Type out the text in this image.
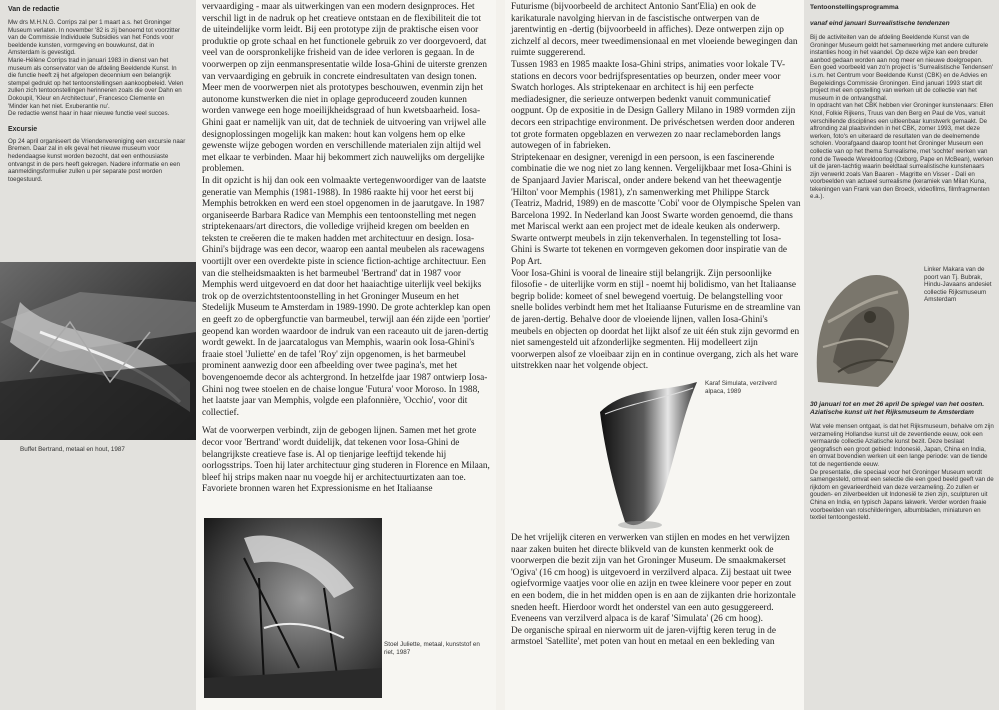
Van de redactie

Mw drs M.H.N.G. Corrips zal per 1 maart a.s. het Groninger Museum verlaten. In november '82 is zij benoemd tot voorzitter van de Commissie Individuele Subsidies van het Fonds voor beeldende kunsten, vormgeving en bouwkunst, dat in Amsterdam is gevestigd.

Marie-Hélène Corrips trad in januari 1983 in dienst van het museum als conservator van de afdeling Beeldende Kunst. In die functie heeft zij het afgelopen decennium een belangrijk stempel gedrukt op het tentoonstellingsen aankoopbeleid. Velen zullen zich tentoonstellingen herinneren zoals die over Dahn en Dokoupil, 'Kleur en Architectuur', Francesco Clemente en 'Minder kan het niet. Exuberantie nu'.

De redactie wenst haar in haar nieuwe functie veel succes.

Excursie

Op 24 april organiseert de Vriendenvereniging een excursie naar Bremen. Daar zal in elk geval het nieuwe museum voor hedendaagse kunst worden bezocht, dat een enthousiaste ontvangst in de pers heeft gekregen. Nadere informatie en een aanmeldingsformulier zullen u per separate post worden toegestuurd.

Buffet Bertrand, metaal en hout, 1987

vervaardiging - maar als uitwerkingen van een modern designproces. Het verschil ligt in de nadruk op het creatieve ontstaan en de flexibiliteit die tot de uiteindelijke vorm leidt. Bij een prototype zijn de praktische eisen voor produktie op grote schaal en het functionele gebruik zo ver doorgevoerd, dat veel van de oorspronkelijke frisheid van de idee verloren is gegaan. In de voorwerpen op zijn eenmanspresentatie wilde Iosa-Ghini de uiterste grenzen van vervaardiging en gebruik in concrete eindresultaten van design tonen. Meer men de voorwerpen niet als prototypes beschouwen, evenmin zijn het autonome kunstwerken die niet in oplage geproduceerd zouden kunnen worden vanwege een hoge moeilijkheidsgraad of hun kwetsbaarheid. Iosa-Ghini gaat er namelijk van uit, dat de techniek de uitvoering van vrijwel alle designoplossingen mogelijk kan maken: hout kan volgens hem op elke gewenste wijze gebogen worden en verschillende materialen zijn altijd wel met elkaar te verbinden. Maar hij bekommert zich nauwelijks om dergelijke problemen.

In dit opzicht is hij dan ook een volmaakte vertegenwoordiger van de laatste generatie van Memphis (1981-1988). In 1986 raakte hij voor het eerst bij Memphis betrokken en werd een stoel opgenomen in de jaarutgave. In 1987 organiseerde Barbara Radice van Memphis een tentoonstelling met negen striptekenaars/art directors, die volledige vrijheid kregen om beelden en teksten te creëeren die te maken hadden met architectuur en design. Iosa-Ghini's bijdrage was een decor, waarop een aantal meubelen als racewagens voortijlt over een overdekte piste in science fiction-achtige architectuur. Een van die stelheidsmaakten is het barmeubel 'Bertrand' dat in 1987 voor Memphis werd uitgevoerd en dat door het haaiachtige uiterlijk veel bekijks trok op de overzichtstentoonstelling in het Groninger Museum en het Stedelijk Museum te Amsterdam in 1989-1990. De grote achterklep kan open en geeft zo de opbergfunctie van barmeubel, terwijl aan één zijde een 'portier' geopend kan worden waardoor de indruk van een raceauto uit de jaren-dertig wordt gewekt. In de jaarcatalogus van Memphis, waarin ook Iosa-Ghini's fraaie stoel 'Juliette' en de tafel 'Roy' zijn opgenomen, is het barmeubel prominent aanwezig door een afbeelding over twee pagina's, met het bovengenoemde decor als achtergrond. In hetzelfde jaar 1987 ontwierp Iosa-Ghini nog twee stoelen en de chaise longue 'Futura' voor Moroso. In 1988, het laatste jaar van Memphis, volgde een plafonnière, 'Occhio', voor dit collectief.

Wat de voorwerpen verbindt, zijn de gebogen lijnen. Samen met het grote decor voor 'Bertrand' wordt duidelijk, dat tekenen voor Iosa-Ghini de belangrijkste creatieve fase is. Al op tienjarige leeftijd tekende hij oorlogsstrips. Toen hij later architectuur ging studeren in Florence en Milaan, bleef hij strips maken naar nu voegde hij er architectuurtizaten aan toe. Favoriete bronnen waren het Expressionisme en het Italiaanse

Stoel Juliette, metaal, kunststof en riet, 1987

Futurisme (bijvoorbeeld de architect Antonio Sant'Elia) en ook de karikaturale navolging hiervan in de fascistische ontwerpen van de jarentwintig en -dertig (bijvoorbeeld in affiches). Deze ontwerpen zijn op zichzelf al decors, meer tweedimensionaal en met vloeiende bewegingen dan ruimte suggererend.

Tussen 1983 en 1985 maakte Iosa-Ghini strips, animaties voor lokale TV-stations en decors voor bedrijfspresentaties op beurzen, onder meer voor Swatch horloges. Als striptekenaar en architect is hij een perfecte mediadesigner, die serieuze ontwerpen bedenkt vanuit communicatief oogpunt. Op de expositie in de Design Gallery Milano in 1989 vormden zijn decors een stripachtige environment. De privéschetsen werden door anderen tot grote formaten opgeblazen en verwezen zo naar reclameborden langs autowegen of in fabrieken.

Striptekenaar en designer, verenigd in een persoon, is een fascinerende combinatie die we nog niet zo lang kennen. Vergelijkbaar met Iosa-Ghini is de Spanjaard Javier Mariscal, onder andere bekend van het theewagentje 'Hilton' voor Memphis (1981), z'n samenwerking met Philippe Starck (Teatriz, Madrid, 1989) en de mascotte 'Cobi' voor de Olympische Spelen van Barcelona 1992. In Nederland kan Joost Swarte worden genoemd, die thans met Mariscal werkt aan een project met de ideale keuken als onderwerp. Swarte ontwerpt meubels in zijn tekenverhalen. In tegenstelling tot Iosa-Ghini is Swarte tot tekenen en vormgeven gekomen door inspiratie van de Pop Art.

Voor Iosa-Ghini is vooral de lineaire stijl belangrijk. Zijn persoonlijke filosofie - de uiterlijke vorm en stijl - noemt hij bolidismo, van het Italiaanse begrip bolide: komeet of snel bewegend voertuig. De belangstelling voor snelle bolides verbindt hem met het Italiaanse Futurisme en de streamline van de jaren-dertig. Behalve door de vloeiende lijnen, vallen Iosa-Ghini's meubels en objecten op doordat het lijkt alsof ze uit één stuk zijn gevormd en niet samengesteld uit afzonderlijke segmenten. Hij modelleert zijn voorwerpen alsof ze vloeibaar zijn en in continue overgang, zich als het ware uitstrekken naar het volgende object.

Karaf Simulata, verzilverd alpaca, 1989

De het vrijelijk citeren en verwerken van stijlen en modes en het verwijzen naar zaken buiten het directe blikveld van de kunsten kenmerkt ook de voorwerpen die bezit zijn van het Groninger Museum. De smaakmakerset 'Ogiva' (16 cm hoog) is uitgevoerd in verzilverd alpaca. Zij bestaat uit twee ogiefvormige vaatjes voor olie en azijn en twee kleinere voor peper en zout en een bodem, die in het midden open is en aan de zijkanten drie horizontale sneden heeft. Hierdoor wordt het onderstel van een auto gesuggereerd. Eveneens van verzilverd alpaca is de karaf 'Simulata' (26 cm hoog).

De organische spiraal en nierworm uit de jaren-vijftig keren terug in de armstoel 'Satellite', met poten van hout en metaal en een bekleding van

Tentoonstellingsprogramma
vanaf eind januari Surrealistische tendenzen

Bij de activiteiten van de afdeling Beeldende Kunst van de Groninger Museum geldt het samenwerking met andere culturele instanties hoog in het vaandel. Op deze wijze kan een breder aanbod gedaan worden aan nog meer en nieuwe doelgroepen. Een goed voorbeeld van zo'n project is 'Surrealistische Tendensen' i.s.m. het Centrum voor Beeldende Kunst (CBK) en de Advies en Begeleidings Commissie Groningen. Eind januari 1993 start dit project met een opstelling van werken uit de collectie van het museum in de ontvangsthal.

In opdracht van het CBK hebben vier Groninger kunstenaars: Ellen Knol, Folkie Rijkens, Truus van den Berg en Paul de Vos, vanuit verschillende disciplines een uitleenbaar kunstwerk gemaakt. De aftronding zal plaatsvinden in het CBK, zomer 1993, met deze werken, foto's en uiteraard de resultaten van de deelnemende scholen. Voorafgaand daarop toont het Groninger Museum een collectie van op het thema Surrealisme, met 'sochtel' werken van rond de Tweede Wereldoorlog (Oxborg, Pape en McBean), werken uit de jaren-tachtig waarin beeldtaal surrealistische kunstenaars zijn verwerkt zoals Van Baaren - Magritte en Visser - Dalí en voorbeelden van actueel surrealisme (keramiek van Milan Kuna, tekeningen van Frank van den Broeck, videofilms, filmfragmenten e.a.).

Linker Makara van de poort van Tj. Bubrak, Hindu-Javaans andesiet collectie Rijksmuseum Amsterdam
30 januari tot en met 26 april De spiegel van het oosten. Aziatische kunst uit het Rijksmuseum te Amsterdam

Wat vele mensen ontgaat, is dat het Rijksmuseum, behalve om zijn verzameling Hollandse kunst uit de zeventiende eeuw, ook een vermaarde collectie Aziatische kunst bezit. Deze beslaat geografisch een groot gebied: Indonesië, Japan, China en India, en omvat bovendien werken uit een lange periode: van de tiende tot de negentiende eeuw.

De presentatie, die speciaal voor het Groninger Museum wordt samengesteld, omvat een selectie die een goed beeld geeft van de rijkdom en gevarieerdheid van deze verzameling. Zo zullen er gouden- en zilverbeelden uit Indonesië te zien zijn, sculpturen uit China en India, en typisch Japans lakwerk. Verder worden fraaie voorbeelden van rolschilderingen, albumbladen, miniaturen en textiel tentoongesteld.
